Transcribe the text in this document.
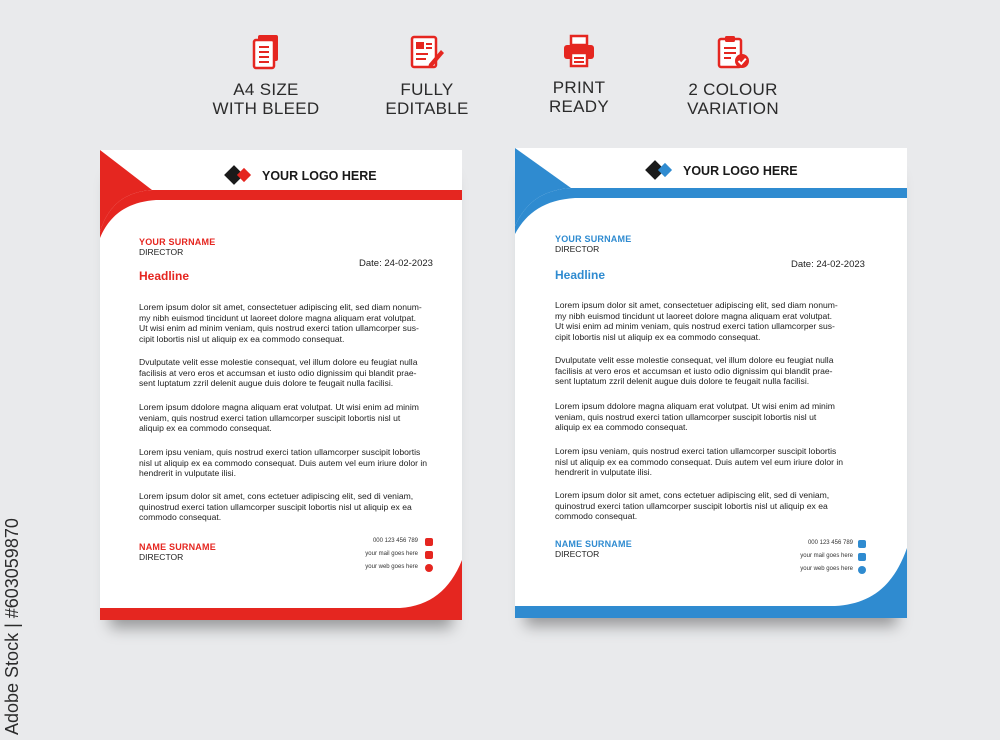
A4 SIZE
WITH BLEED
FULLY
EDITABLE
PRINT
READY
2 COLOUR
VARIATION
YOUR LOGO HERE
YOUR SURNAME
DIRECTOR
Date: 24-02-2023
Headline
Lorem ipsum dolor sit amet, consectetuer adipiscing elit, sed diam nonum-
my nibh euismod tincidunt ut laoreet dolore magna aliquam erat volutpat.
Ut wisi enim ad minim veniam, quis nostrud exerci tation ullamcorper sus-
cipit lobortis nisl ut aliquip ex ea commodo consequat.
Dvulputate velit esse molestie consequat, vel illum dolore eu feugiat nulla
facilisis at vero eros et accumsan et iusto odio dignissim qui blandit prae-
sent luptatum zzril delenit augue duis dolore te feugait nulla facilisi.
Lorem ipsum ddolore magna aliquam erat volutpat. Ut wisi enim ad minim
veniam, quis nostrud exerci tation ullamcorper suscipit lobortis nisl ut
aliquip ex ea commodo consequat.
Lorem ipsu veniam, quis nostrud exerci tation ullamcorper suscipit lobortis
nisl ut aliquip ex ea commodo consequat. Duis autem vel eum iriure dolor in
hendrerit in vulputate ilisi.
Lorem ipsum dolor sit amet, cons ectetuer adipiscing elit, sed di veniam,
quinostrud exerci tation ullamcorper suscipit lobortis nisl ut aliquip ex ea
commodo consequat.
NAME SURNAME
DIRECTOR
000 123 456 789
your mail goes here
your web goes here
YOUR LOGO HERE
YOUR SURNAME
DIRECTOR
Date: 24-02-2023
Headline
Lorem ipsum dolor sit amet, consectetuer adipiscing elit, sed diam nonum-
my nibh euismod tincidunt ut laoreet dolore magna aliquam erat volutpat.
Ut wisi enim ad minim veniam, quis nostrud exerci tation ullamcorper sus-
cipit lobortis nisl ut aliquip ex ea commodo consequat.
Dvulputate velit esse molestie consequat, vel illum dolore eu feugiat nulla
facilisis at vero eros et accumsan et iusto odio dignissim qui blandit prae-
sent luptatum zzril delenit augue duis dolore te feugait nulla facilisi.
Lorem ipsum ddolore magna aliquam erat volutpat. Ut wisi enim ad minim
veniam, quis nostrud exerci tation ullamcorper suscipit lobortis nisl ut
aliquip ex ea commodo consequat.
Lorem ipsu veniam, quis nostrud exerci tation ullamcorper suscipit lobortis
nisl ut aliquip ex ea commodo consequat. Duis autem vel eum iriure dolor in
hendrerit in vulputate ilisi.
Lorem ipsum dolor sit amet, cons ectetuer adipiscing elit, sed di veniam,
quinostrud exerci tation ullamcorper suscipit lobortis nisl ut aliquip ex ea
commodo consequat.
NAME SURNAME
DIRECTOR
000 123 456 789
your mail goes here
your web goes here
Adobe Stock | #603059870
